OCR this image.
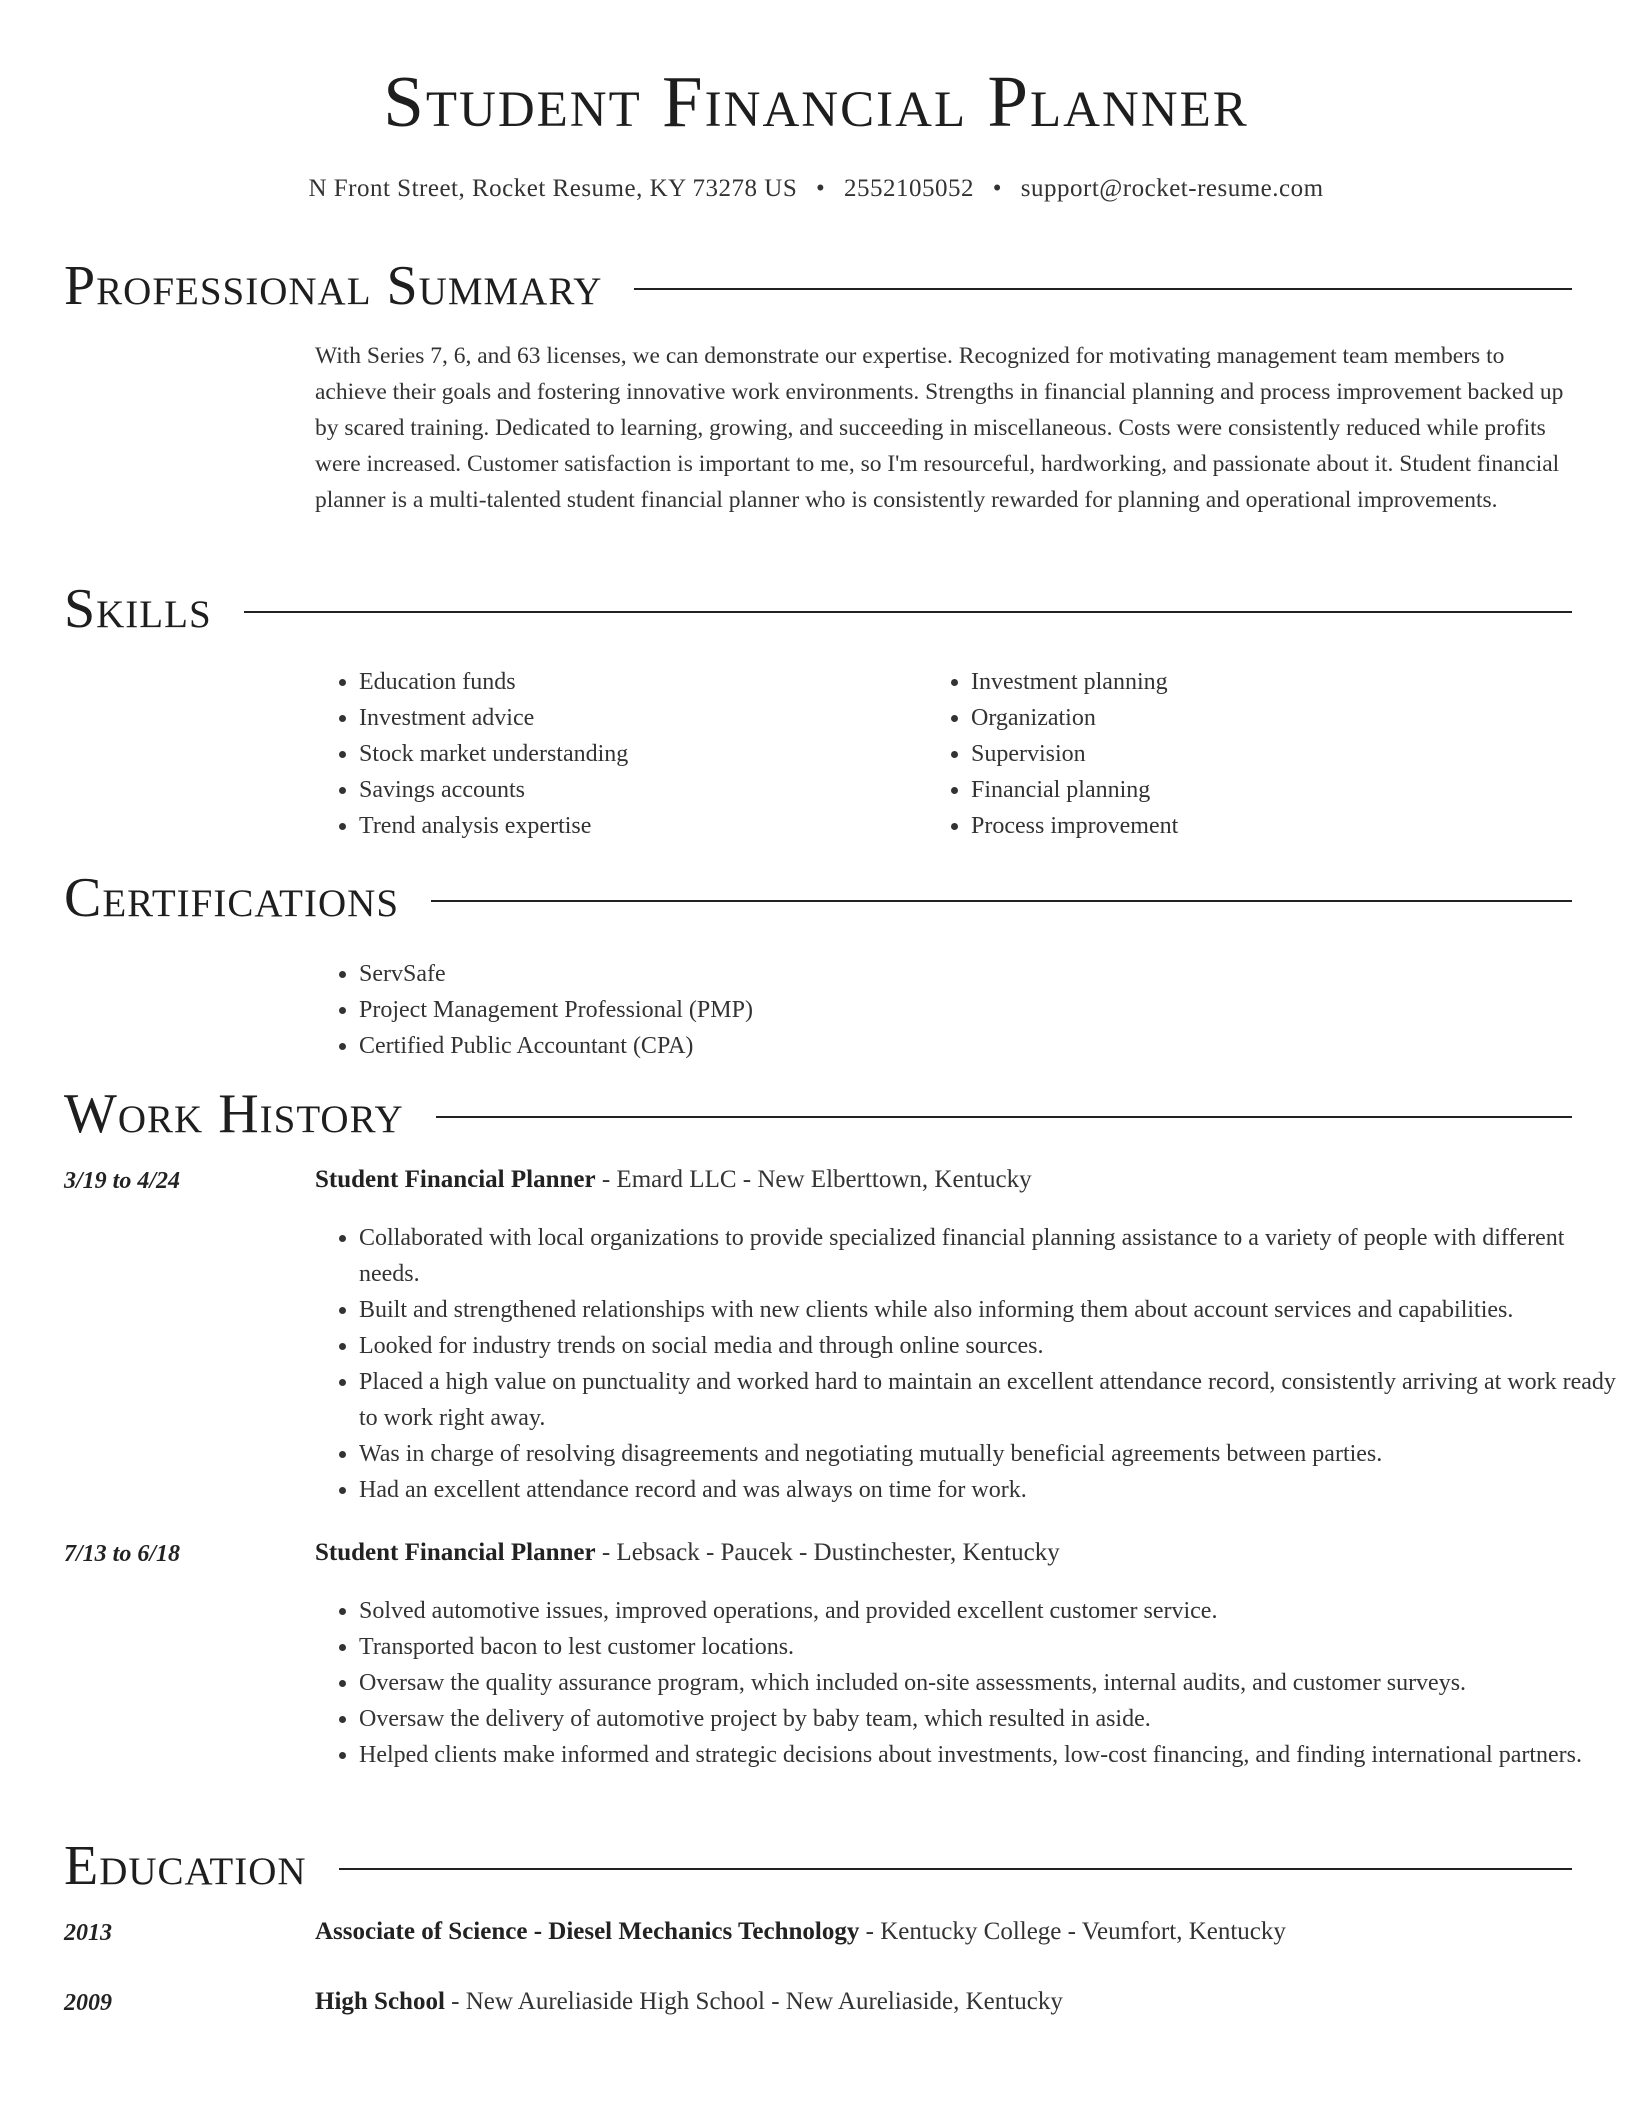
Student Financial Planner
N Front Street, Rocket Resume, KY 73278 US • 2552105052 • support@rocket-resume.com
Professional Summary

With Series 7, 6, and 63 licenses, we can demonstrate our expertise. Recognized for motivating management team members to achieve their goals and fostering innovative work environments. Strengths in financial planning and process improvement backed up by scared training. Dedicated to learning, growing, and succeeding in miscellaneous. Costs were consistently reduced while profits were increased. Customer satisfaction is important to me, so I'm resourceful, hardworking, and passionate about it. Student financial planner is a multi-talented student financial planner who is consistently rewarded for planning and operational improvements.

Skills
• Education funds
• Investment advice
• Stock market understanding
• Savings accounts
• Trend analysis expertise
• Investment planning
• Organization
• Supervision
• Financial planning
• Process improvement
Certifications
• ServSafe
• Project Management Professional (PMP)
• Certified Public Accountant (CPA)
Work History
3/19 to 4/24	Student Financial Planner - Emard LLC - New Elberttown, Kentucky
• Collaborated with local organizations to provide specialized financial planning assistance to a variety of people with different needs.
• Built and strengthened relationships with new clients while also informing them about account services and capabilities.
• Looked for industry trends on social media and through online sources.
• Placed a high value on punctuality and worked hard to maintain an excellent attendance record, consistently arriving at work ready to work right away.
• Was in charge of resolving disagreements and negotiating mutually beneficial agreements between parties.
• Had an excellent attendance record and was always on time for work.
7/13 to 6/18	Student Financial Planner - Lebsack - Paucek - Dustinchester, Kentucky
• Solved automotive issues, improved operations, and provided excellent customer service.
• Transported bacon to lest customer locations.
• Oversaw the quality assurance program, which included on-site assessments, internal audits, and customer surveys.
• Oversaw the delivery of automotive project by baby team, which resulted in aside.
• Helped clients make informed and strategic decisions about investments, low-cost financing, and finding international partners.
Education
2013	Associate of Science - Diesel Mechanics Technology - Kentucky College - Veumfort, Kentucky
2009	High School - New Aureliaside High School - New Aureliaside, Kentucky
